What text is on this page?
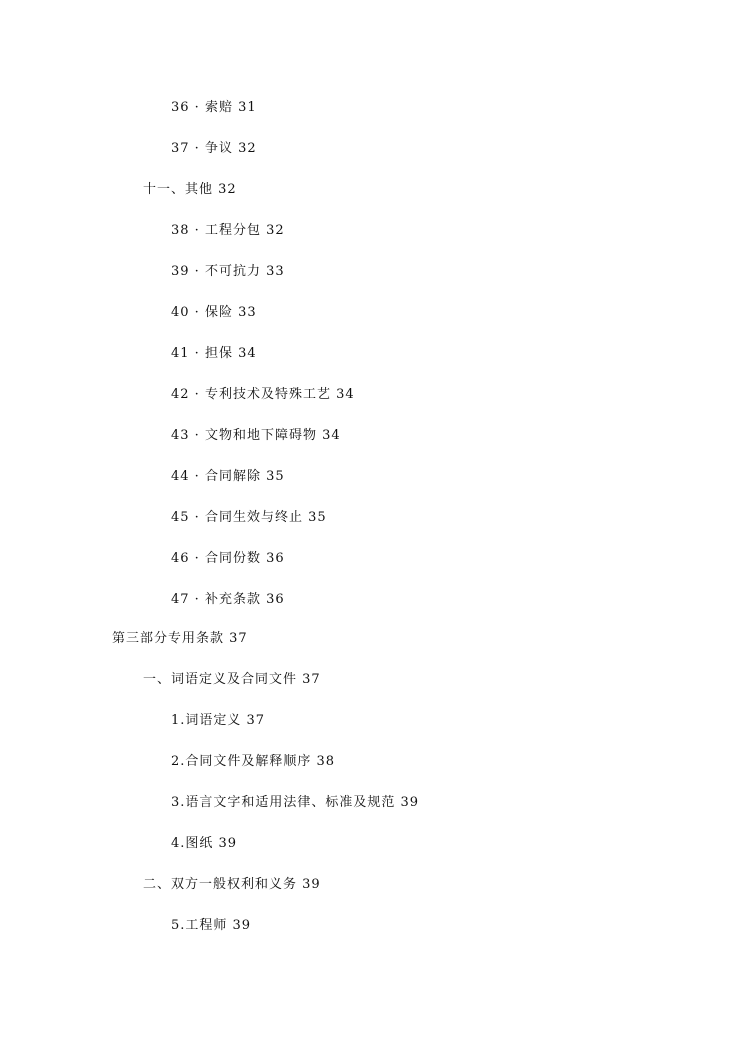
36 · 索赔 31
37 · 争议 32
十一、其他 32
38 · 工程分包 32
39 · 不可抗力 33
40 · 保险 33
41 · 担保 34
42 · 专利技术及特殊工艺 34
43 · 文物和地下障碍物 34
44 · 合同解除 35
45 · 合同生效与终止 35
46 · 合同份数 36
47 · 补充条款 36
第三部分专用条款 37
一、词语定义及合同文件 37
1.词语定义 37
2.合同文件及解释顺序 38
3.语言文字和适用法律、标准及规范 39
4.图纸 39
二、双方一般权利和义务 39
5.工程师 39
